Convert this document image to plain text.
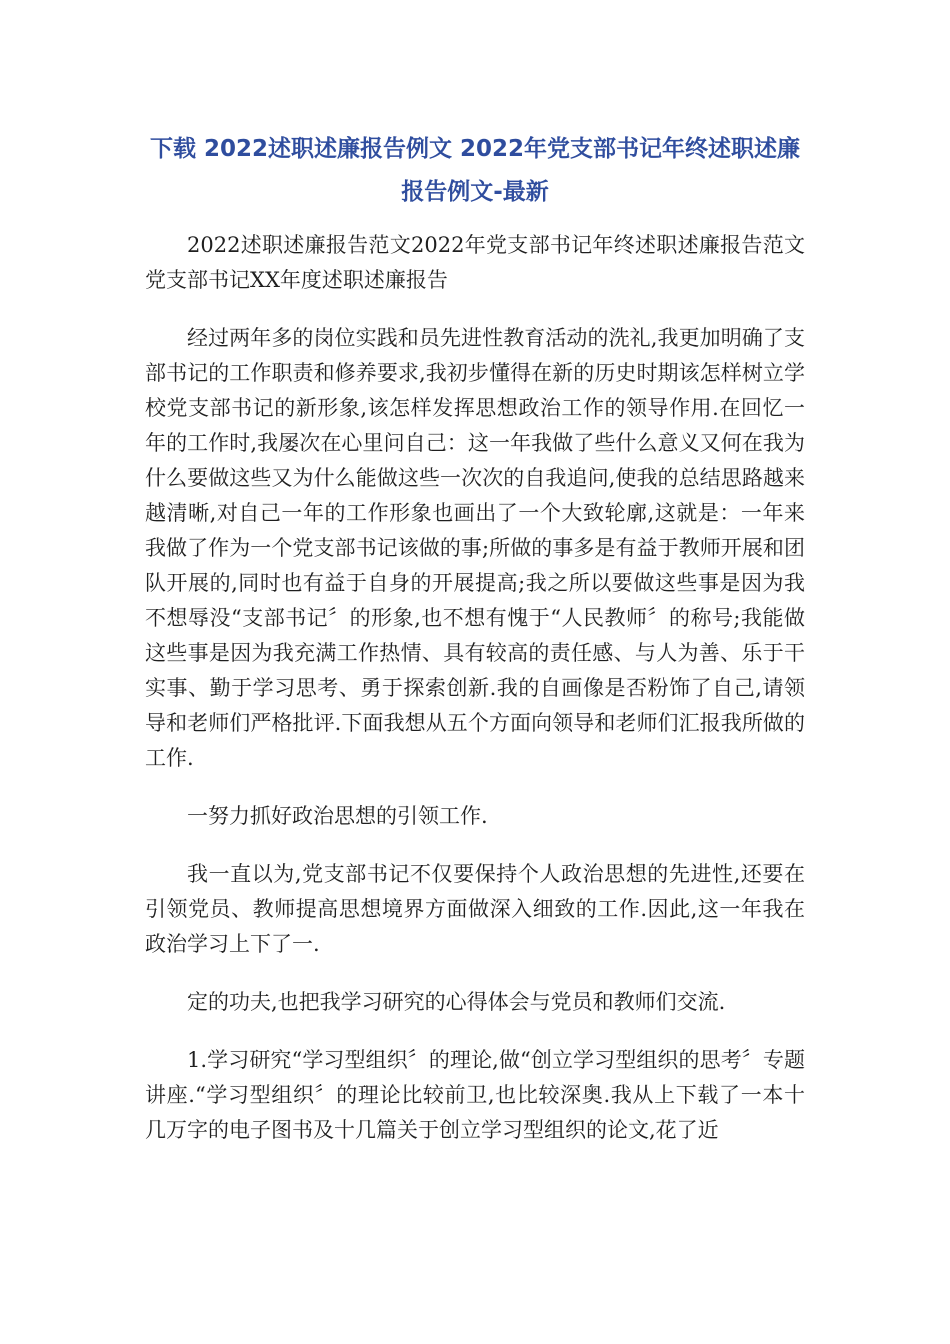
下载 2022述职述廉报告例文 2022年党支部书记年终述职述廉报告例文-最新

2022述职述廉报告范文2022年党支部书记年终述职述廉报告范文党支部书记XX年度述职述廉报告

经过两年多的岗位实践和员先进性教育活动的洗礼,我更加明确了支部书记的工作职责和修养要求,我初步懂得在新的历史时期该怎样树立学校党支部书记的新形象,该怎样发挥思想政治工作的领导作用.在回忆一年的工作时,我屡次在心里问自己：这一年我做了些什么意义又何在我为什么要做这些又为什么能做这些一次次的自我追问,使我的总结思路越来越清晰,对自己一年的工作形象也画出了一个大致轮廓,这就是：一年来我做了作为一个党支部书记该做的事;所做的事多是有益于教师开展和团队开展的,同时也有益于自身的开展提高;我之所以要做这些事是因为我不想辱没“支部书记〞的形象,也不想有愧于“人民教师〞的称号;我能做这些事是因为我充满工作热情、具有较高的责任感、与人为善、乐于干实事、勤于学习思考、勇于探索创新.我的自画像是否粉饰了自己,请领导和老师们严格批评.下面我想从五个方面向领导和老师们汇报我所做的工作.

一努力抓好政治思想的引领工作.

我一直以为,党支部书记不仅要保持个人政治思想的先进性,还要在引领党员、教师提高思想境界方面做深入细致的工作.因此,这一年我在政治学习上下了一.

定的功夫,也把我学习研究的心得体会与党员和教师们交流.

1.学习研究“学习型组织〞的理论,做“创立学习型组织的思考〞专题讲座.“学习型组织〞的理论比较前卫,也比较深奥.我从上下载了一本十几万字的电子图书及十几篇关于创立学习型组织的论文,花了近
